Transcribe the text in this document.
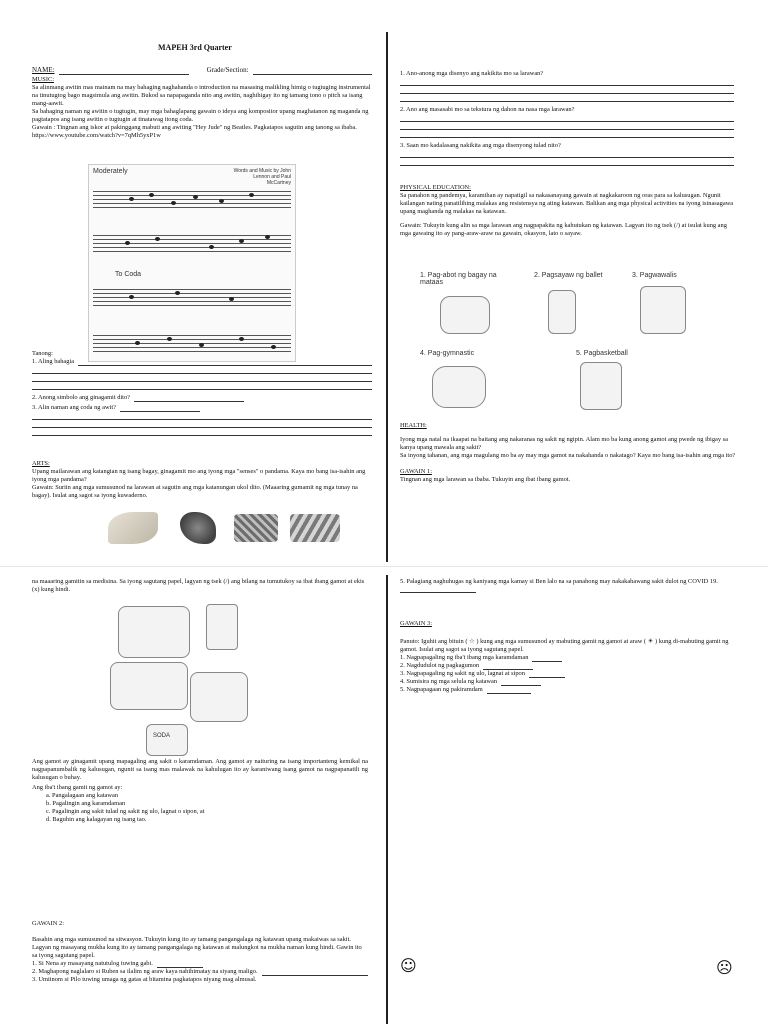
MAPEH 3rd Quarter
NAME:	Grade/Section:
MUSIC:
Sa alinmang awitin mas mainam na may bahaging naghahanda o introduction na masasing malikling himig o tugtuging instrumental na tinutugtog bago magsimula ang awitin. Bukod sa napapaganda nito ang awitin, naghihigay ito ng tamang tono o pitch sa isang mang-aawit.
Sa bahaging naman ng awitin o tugtugin, may mga bahaglapang gawain o ideya ang kompositor upang maghatanon ng maganda ng pagtatapos ang isang awitin o tugtugin at tinatawag itong coda.
Gawain : Tingnan ang iskor at pakinggang mabuti ang awiting "Hey Jude" ng Beatles. Pagkatapos sagutin ang tanong sa ibaba.
https://www.youtube.com/watch?v=7qMh5yxP1w
Moderately	Words and Music by John Lennon and Paul McCartney
To Coda
Tanong:
1. Aling bahagia
2. Anong simbolo ang ginagamit dito?
3. Alin naman ang coda ng awit?
ARTS:
Upang mailarawan ang katangian ng isang bagay, ginagamit mo ang iyong mga "senses" o pandama. Kaya mo bang isa-isahin ang iyong mga pandama?
Gawain: Suriin ang mga sumusunod na larawan at sagutin ang mga katanungan ukol dito. (Maaaring gumamit ng mga tunay na bagay). Isulat ang sagot sa iyong kuwaderno.
1. Ano-anong mga disenyo ang nakikita mo sa larawan?
2. Ano ang masasabi mo sa tekstura ng dahon na nasa mga larawan?
3. Saan mo kadalasang nakikita ang mga disenyong tulad nito?
PHYSICAL EDUCATION:
Sa panahon ng pandemya, karamihan ay napatigil sa nakasanayang gawain at nagkakaroon ng oras para sa kalusugan. Ngunit kailangan nating panatilihing malakas ang resistensya ng ating katawan. Balikan ang mga physical activities na iyong isinasagawa upang maghanda ng malakas na katawan.
Gawain: Tukuyin kung alin sa mga larawan ang nagpapakita ng kahutukan ng katawan. Lagyan ito ng tsek (/) at isulat kung ang mga gawaing ito ay pang-araw-araw na gawain, okasyon, lato o sayaw.
1. Pag-abot ng bagay na mataas
2. Pagsayaw ng ballet	3. Pagwawalis
4. Pag-gymnastic	5. Pagbasketball
HEALTH:
Iyong mga natal na ikaapat na baitang ang nakaranas ng sakit ng ngipin. Alam mo ba kung anong gamot ang pwede ng ibigay sa kanya upang mawala ang sakit?
Sa inyong tahanan, ang mga magulang mo ba ay may mga gamot na nakahanda o nakatago? Kaya mo bang isa-isahin ang mga ito?
GAWAIN 1:
Tingnan ang mga larawan sa ibaba. Tukuyin ang ibat ibang gamot.
na maaaring gamitin sa medisina. Sa iyong sagutang papel, lagyan ng tsek (/) ang bilang na tumutukoy sa ibat ibang gamot at ekis (x) kung hindi.
SODA
Ang gamot ay ginagamit upang mapagaling ang sakit o karamdaman. Ang gamot ay naituring na isang importanteng kemikal na nagpapanumbalik ng kalusugan, ngunit sa isang mas malawak na kahulugan ito ay karaniwang isang gamot na nagpapanatili ng kalusugan o buhay.
Ang iba't ibang gamit ng gamot ay:
a. Pangalagaan ang katawan
b. Pagalingin ang karamdaman
c. Pagalingin ang sakit tulad ng sakit ng ulo, lagnat o sipon, at
d. Baguhin ang kalagayan ng isang tao.
GAWAIN 2:
Basahin ang mga sumusunod na sitwasyon. Tukuyin kung ito ay tamang pangangalaga ng katawan upang makaiwas sa sakit. Lagyan ng masayang mukha kung ito ay tamang pangangalaga ng katawan at malungkot na mukha naman kung hindi. Gawin ito sa iyong sagutang papel.
1. Si Nena ay masayang natutulog tuwing gabi.
2. Maghapong naglalaro si Ruben sa ilalim ng araw kaya nahihimatay na siyang maligo.
3. Umiinom si Pilo tuwing umaga ng gatas at bitamina pagkatapos niyang mag almusal.
5. Palagiang naghuhugas ng kaniyang mga kamay si Ben lalo na sa panahong may nakakahawang sakit dulot ng COVID 19.
GAWAIN 3:
Panuto: Iguhit ang bituin ( ☆ ) kung ang mga sumusunod ay mabuting gamit ng gamot at araw ( ☀ ) kung di-mabuting gamit ng gamot. Isulat ang sagot sa iyong sagutang papel.
1. Nagpapagaling ng iba't ibang mga karamdaman
2. Nagdudulot ng pagkagumon
3. Nagpapagaling ng sakit ng ulo, lagnat at sipon
4. Sumisira ng mga selula ng katawan
5. Nagpapagaan ng pakiramdam
☺	☹
